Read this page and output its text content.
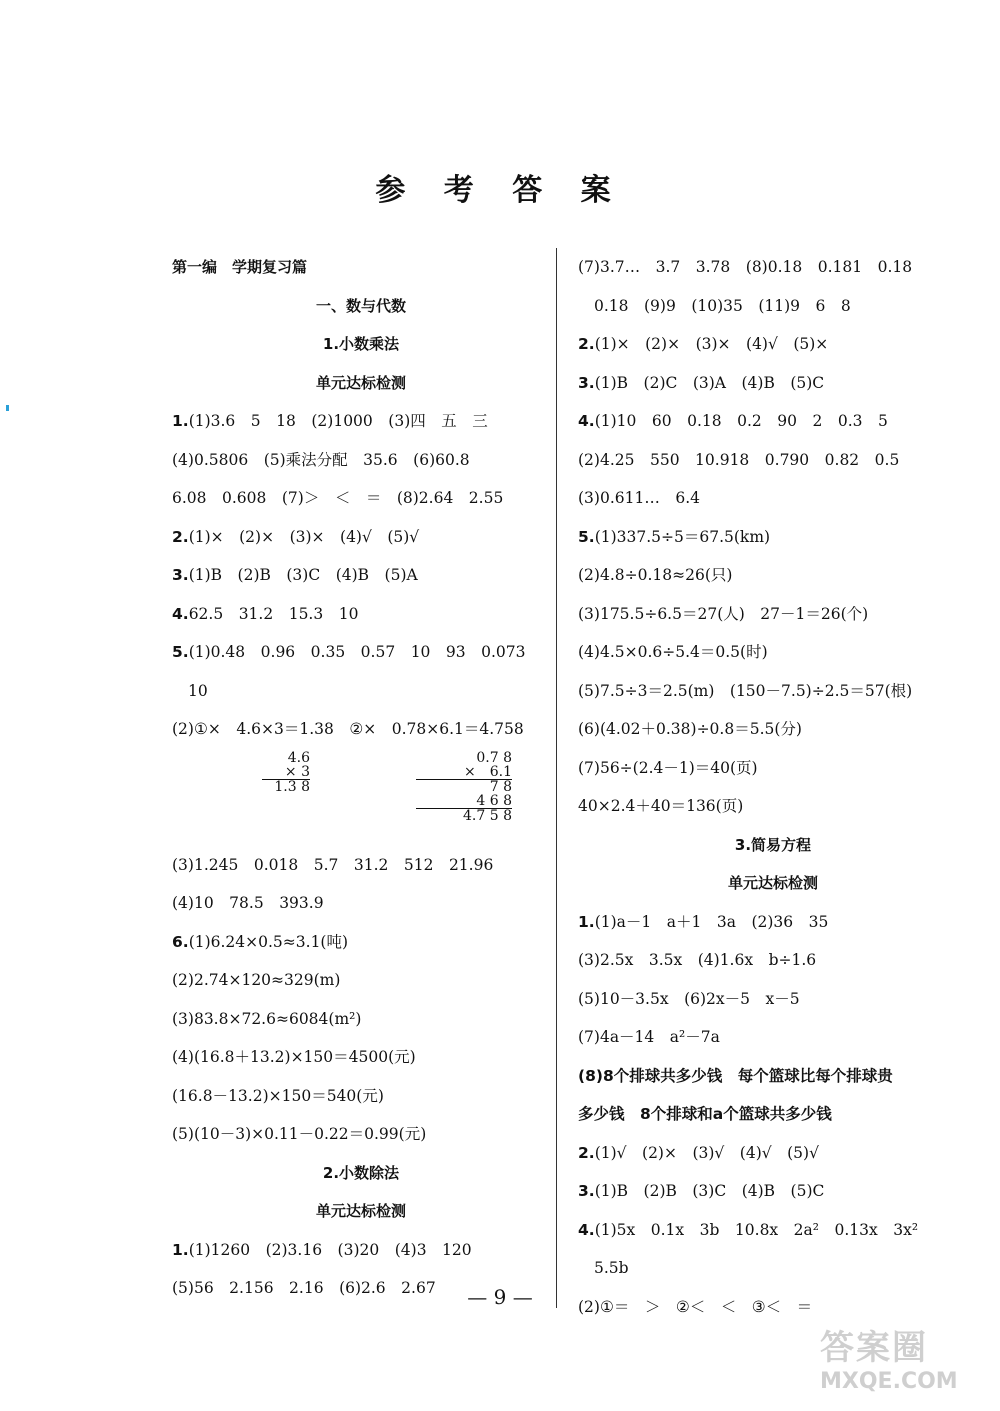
参 考 答 案
第一编　学期复习篇
一、数与代数
1.小数乘法
单元达标检测
1.(1)3.6　5　18　(2)1000　(3)四　五　三
(4)0.5806　(5)乘法分配　35.6　(6)60.8
6.08　0.608　(7)＞　＜　＝　(8)2.64　2.55
2.(1)×　(2)×　(3)×　(4)√　(5)√
3.(1)B　(2)B　(3)C　(4)B　(5)A
4.62.5　31.2　15.3　10
5.(1)0.48　0.96　0.35　0.57　10　93　0.073
10
(2)①×　4.6×3＝1.38　②×　0.78×6.1＝4.758
4.6
× 3
1.3 8
0.7 8
×　6.1
7 8
4 6 8
4.7 5 8
(3)1.245　0.018　5.7　31.2　512　21.96
(4)10　78.5　393.9
6.(1)6.24×0.5≈3.1(吨)
(2)2.74×120≈329(m)
(3)83.8×72.6≈6084(m²)
(4)(16.8＋13.2)×150＝4500(元)
(16.8－13.2)×150＝540(元)
(5)(10－3)×0.11－0.22＝0.99(元)
2.小数除法
单元达标检测
1.(1)1260　(2)3.16　(3)20　(4)3　120
(5)56　2.156　2.16　(6)2.6　2.67
(7)3.7…　3.7　3.78　(8)0.18　0.181　0.18
0.18　(9)9　(10)35　(11)9　6　8
2.(1)×　(2)×　(3)×　(4)√　(5)×
3.(1)B　(2)C　(3)A　(4)B　(5)C
4.(1)10　60　0.18　0.2　90　2　0.3　5
(2)4.25　550　10.918　0.790　0.82　0.5
(3)0.611…　6.4
5.(1)337.5÷5＝67.5(km)
(2)4.8÷0.18≈26(只)
(3)175.5÷6.5＝27(人)　27－1＝26(个)
(4)4.5×0.6÷5.4＝0.5(时)
(5)7.5÷3＝2.5(m)　(150－7.5)÷2.5＝57(根)
(6)(4.02＋0.38)÷0.8＝5.5(分)
(7)56÷(2.4－1)＝40(页)
40×2.4＋40＝136(页)
3.简易方程
单元达标检测
1.(1)a－1　a＋1　3a　(2)36　35
(3)2.5x　3.5x　(4)1.6x　b÷1.6
(5)10－3.5x　(6)2x－5　x－5
(7)4a－14　a²－7a
(8)8个排球共多少钱　每个篮球比每个排球贵
多少钱　8个排球和a个篮球共多少钱
2.(1)√　(2)×　(3)√　(4)√　(5)√
3.(1)B　(2)B　(3)C　(4)B　(5)C
4.(1)5x　0.1x　3b　10.8x　2a²　0.13x　3x²
5.5b
(2)①＝　＞　②＜　＜　③＜　＝
— 9 —
答案圈
MXQE.COM
